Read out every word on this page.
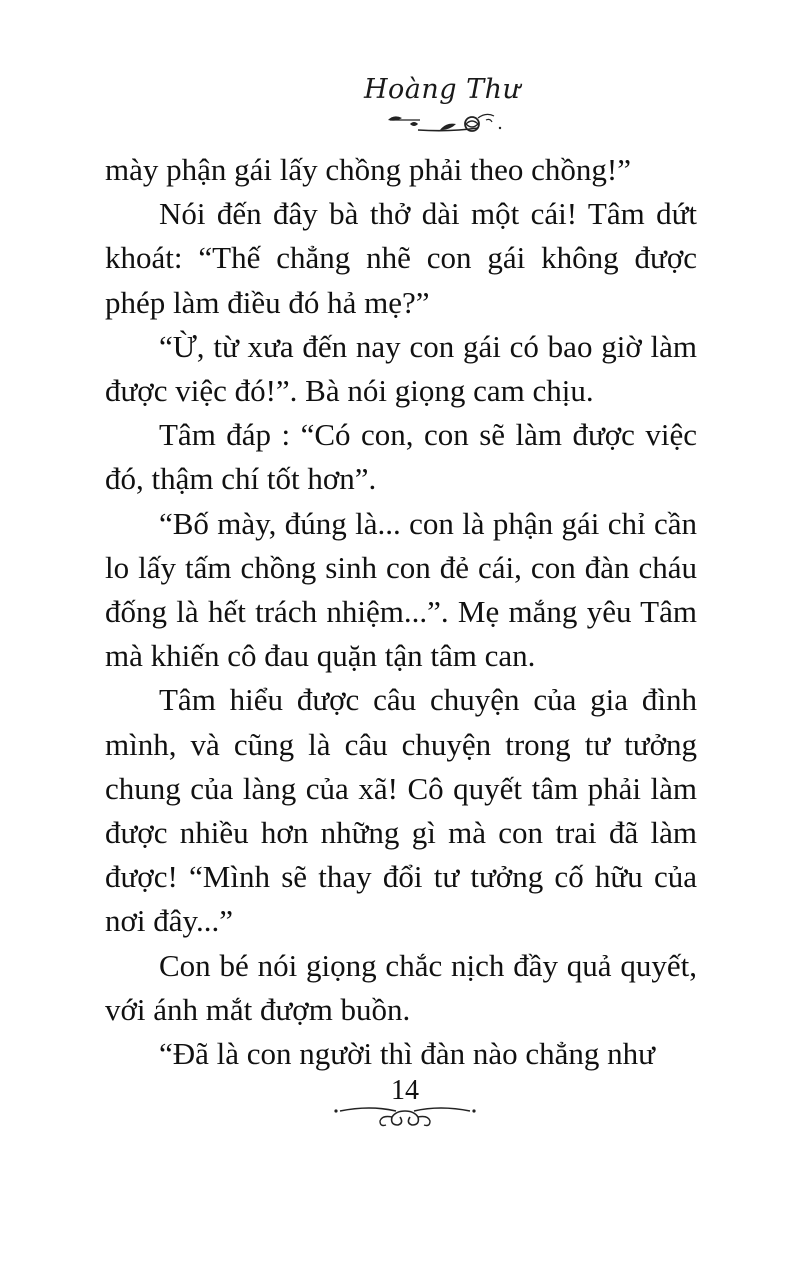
Hoàng Thư

mày phận gái lấy chồng phải theo chồng!”

Nói đến đây bà thở dài một cái! Tâm dứt khoát: “Thế chẳng nhẽ con gái không được phép làm điều đó hả mẹ?”

“Ừ, từ xưa đến nay con gái có bao giờ làm được việc đó!”. Bà nói giọng cam chịu.

Tâm đáp : “Có con, con sẽ làm được việc đó, thậm chí tốt hơn”.

“Bố mày, đúng là... con là phận gái chỉ cần lo lấy tấm chồng sinh con đẻ cái, con đàn cháu đống là hết trách nhiệm...”. Mẹ mắng yêu Tâm mà khiến cô đau quặn tận tâm can.

Tâm hiểu được câu chuyện của gia đình mình, và cũng là câu chuyện trong tư tưởng chung của làng của xã! Cô quyết tâm phải làm được nhiều hơn những gì mà con trai đã làm được! “Mình sẽ thay đổi tư tưởng cố hữu của nơi đây...”

Con bé nói giọng chắc nịch đầy quả quyết, với ánh mắt đượm buồn.

“Đã là con người thì đàn nào chẳng như

14
